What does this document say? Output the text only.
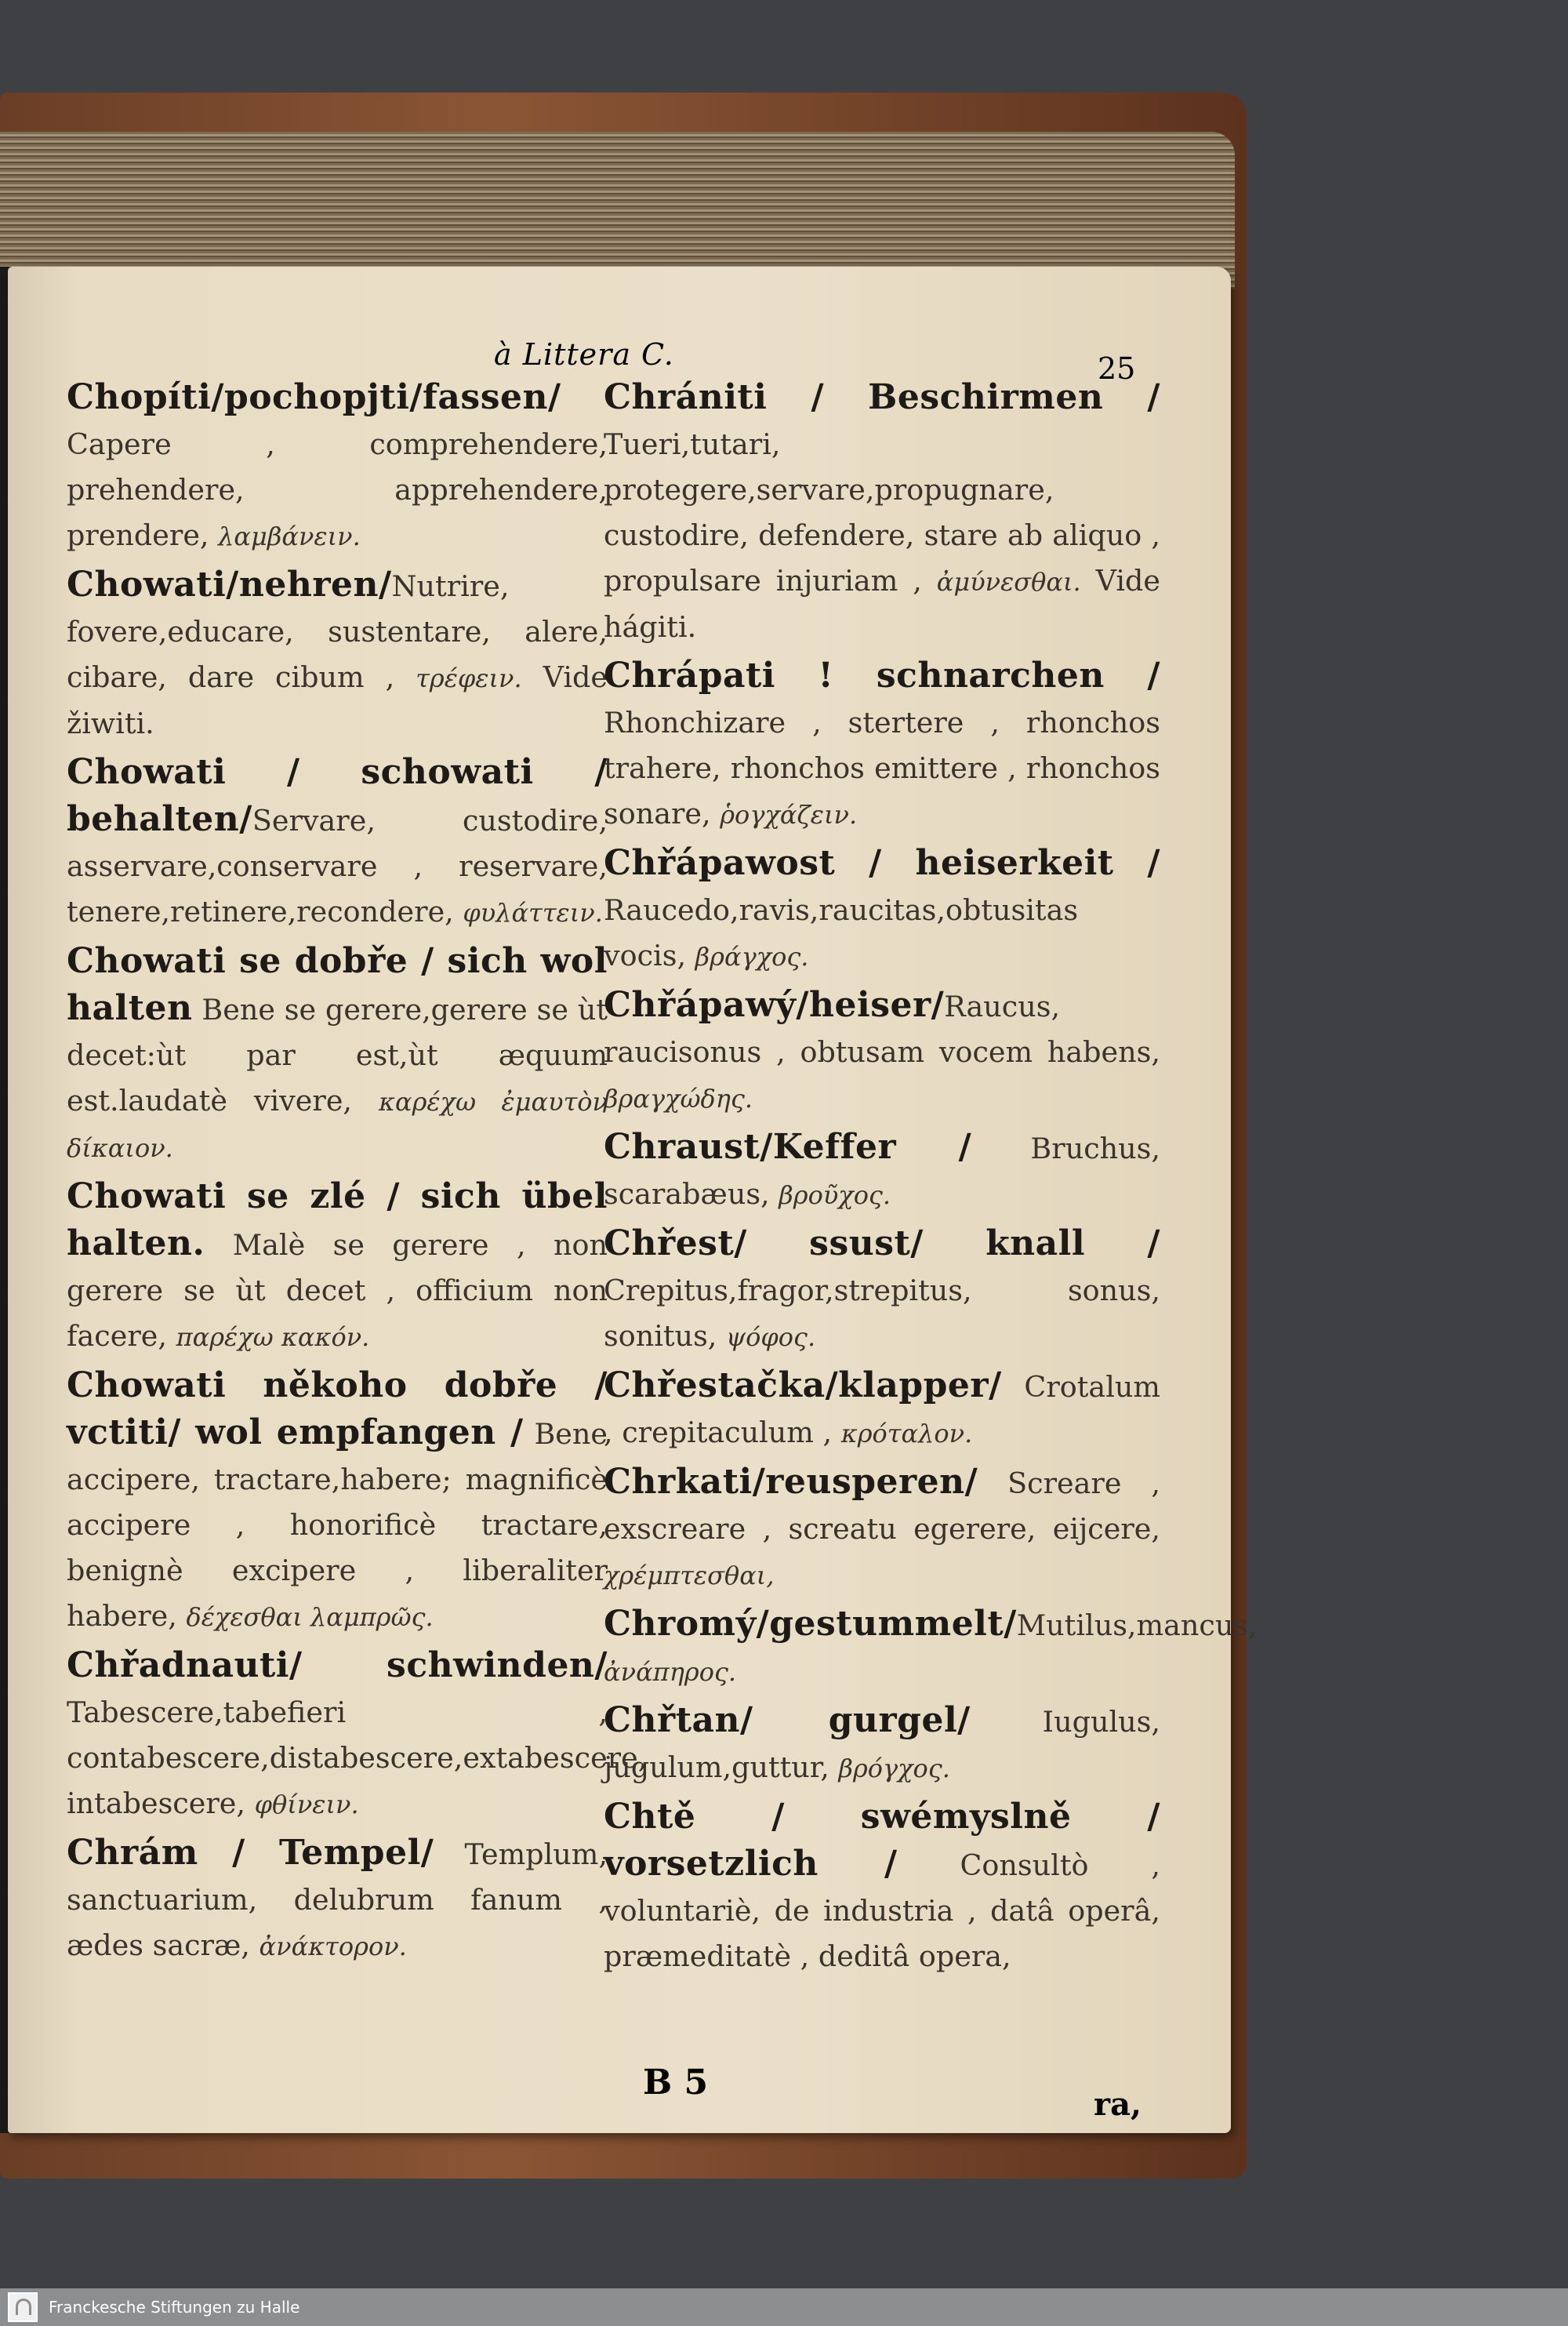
à Littera C.	25

Chopíti/pochopjti/fassen/ Capere , comprehendere, prehendere, apprehendere, prendere, λαμβάνειν.

Chowati/nehren/Nutrire, fovere,educare, sustentare, alere, cibare, dare cibum , τρέφειν. Vide žiwiti.

Chowati / schowati / behalten/Servare, custodire, asservare,conservare , reservare, tenere,retinere,recondere, φυλάττειν.

Chowati se dobře / sich wol halten Bene se gerere,gerere se ùt decet:ùt par est,ùt æquum est.laudatè vivere, καρέχω ἐμαυτὸν δίκαιον.

Chowati se zlé / sich übel halten. Malè se gerere , non gerere se ùt decet , officium non facere, παρέχω κακόν.

Chowati někoho dobře / vctiti/ wol empfangen / Bene accipere, tractare,habere; magnificè accipere , honorificè tractare, benignè excipere , liberaliter habere, δέχεσθαι λαμπρῶς.

Chřadnauti/ schwinden/ Tabescere,tabefieri , contabescere,distabescere,extabescere, intabescere, φθίνειν.

Chrám / Tempel/ Templum, sanctuarium, delubrum fanum , ædes sacræ, ἀνάκτορον.

Chrániti / Beschirmen / Tueri,tutari, protegere,servare,propugnare, custodire, defendere, stare ab aliquo , propulsare injuriam , ἀμύνεσθαι. Vide hágiti.

Chrápati ! schnarchen / Rhonchizare , stertere , rhonchos trahere, rhonchos emittere , rhonchos sonare, ῥογχάζειν.

Chřápawost / heiserkeit / Raucedo,ravis,raucitas,obtusitas vocis, βράγχος.

Chřápawý/heiser/Raucus, raucisonus , obtusam vocem habens, βραγχώδης.

Chraust/Keffer / Bruchus, scarabæus, βροῦχος.

Chřest/ ssust/ knall / Crepitus,fragor,strepitus, sonus, sonitus, ψόφος.

Chřestačka/klapper/ Crotalum , crepitaculum , κρόταλον.

Chrkati/reusperen/ Screare , exscreare , screatu egerere, eijcere, χρέμπτεσθαι,

Chromý/gestummelt/Mutilus,mancus, ἀνάπηρος.

Chřtan/ gurgel/ Iugulus, jugulum,guttur, βρόγχος.

Chtě / swémyslně / vorsetzlich / Consultò , voluntariè, de industria , datâ operâ, præmeditatè , deditâ opera,

B 5
ra,
Franckesche Stiftungen zu Halle
